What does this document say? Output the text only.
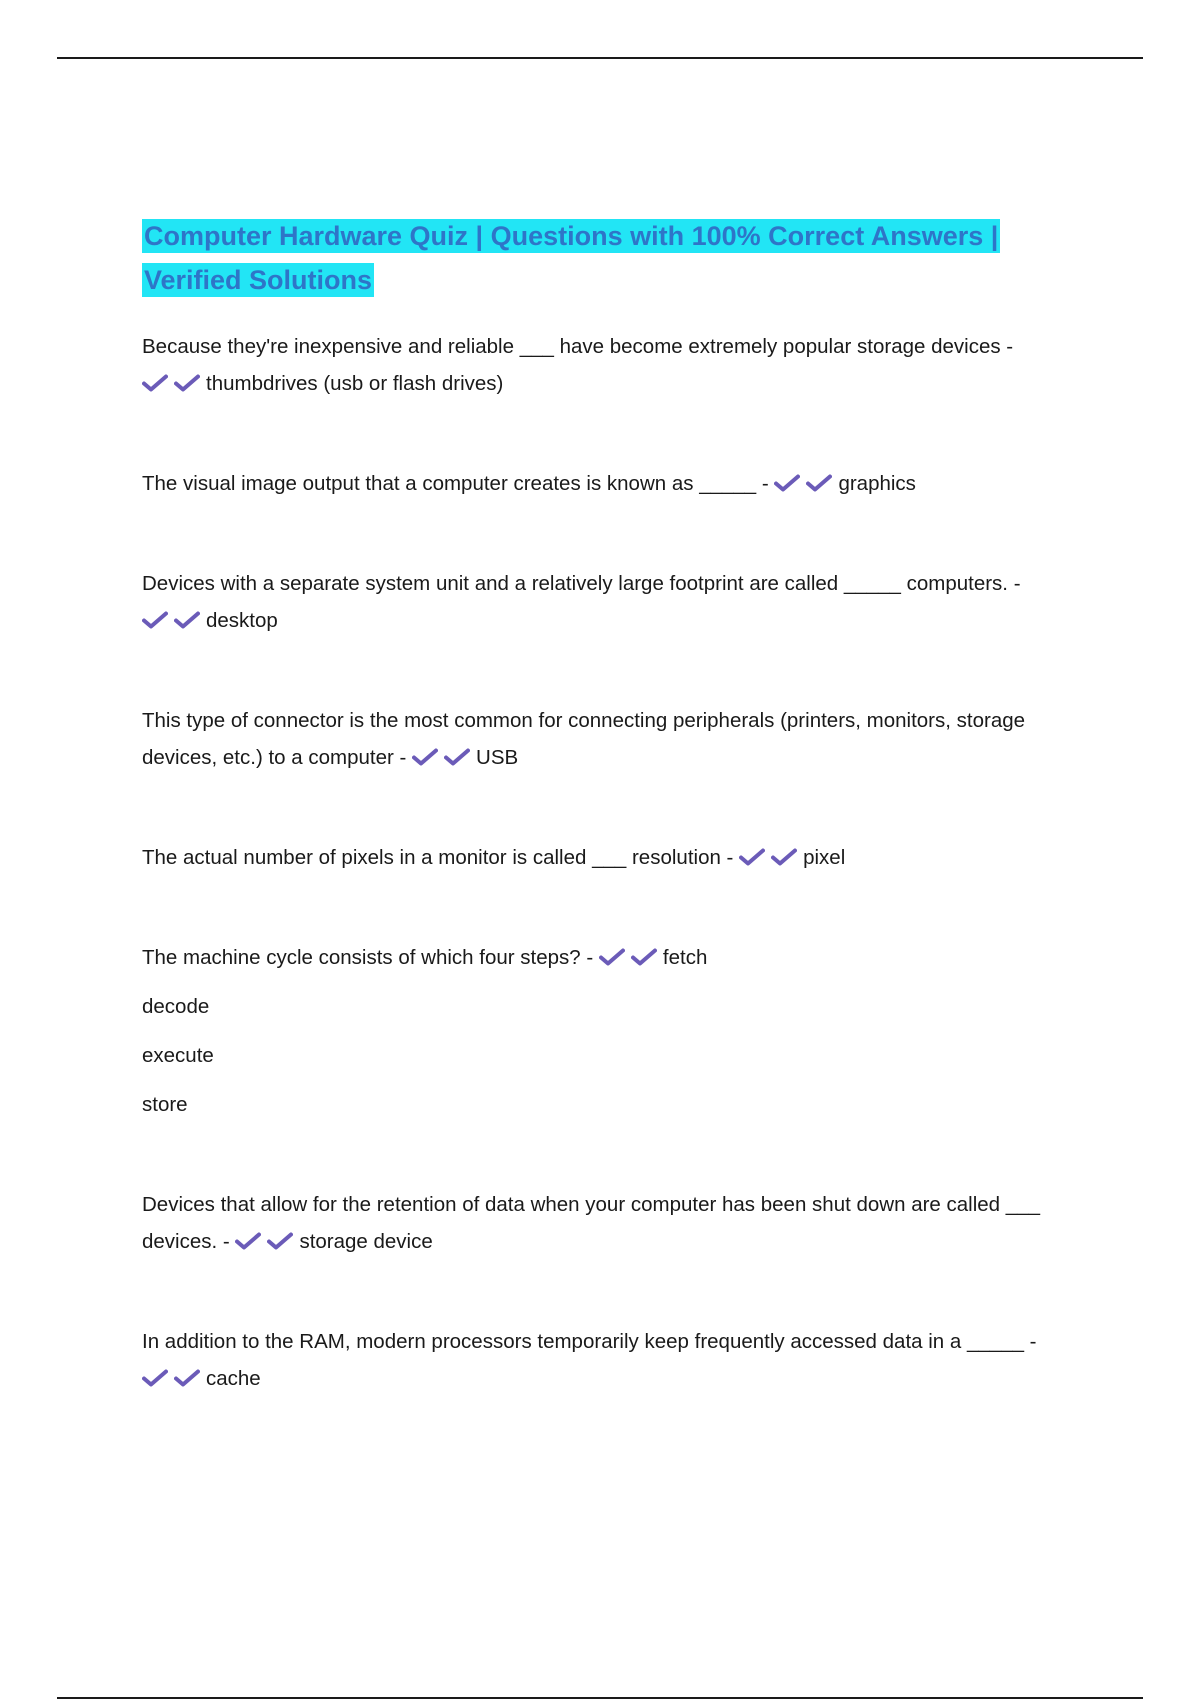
Computer Hardware Quiz | Questions with 100% Correct Answers |
Verified Solutions
Because they're inexpensive and reliable ___ have become extremely popular storage devices -
thumbdrives (usb or flash drives)
The visual image output that a computer creates is known as _____ -	graphics
Devices with a separate system unit and a relatively large footprint are called _____ computers. -
desktop
This type of connector is the most common for connecting peripherals (printers, monitors, storage devices, etc.) to a computer -	USB
The actual number of pixels in a monitor is called ___ resolution -	pixel
The machine cycle consists of which four steps? -	fetch

decode

execute

store

Devices that allow for the retention of data when your computer has been shut down are called ___ devices. -	storage device
In addition to the RAM, modern processors temporarily keep frequently accessed data in a _____ -
cache
